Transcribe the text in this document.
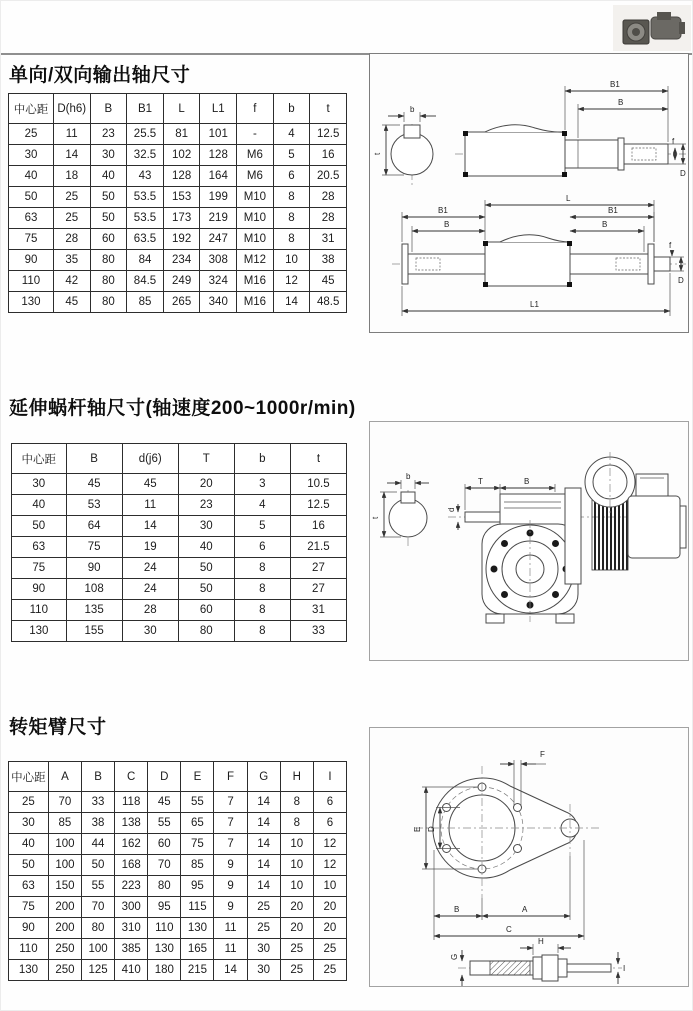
单向/双向输出轴尺寸
中心距	D(h6)	B	B1	L	L1	f	b	t
25	11	23	25.5	81	101	-	4	12.5
30	14	30	32.5	102	128	M6	5	16
40	18	40	43	128	164	M6	6	20.5
50	25	50	53.5	153	199	M10	8	28
63	25	50	53.5	173	219	M10	8	28
75	28	60	63.5	192	247	M10	8	31
90	35	80	84	234	308	M12	10	38
110	42	80	84.5	249	324	M16	12	45
130	45	80	85	265	340	M16	14	48.5
b
t
B1
B
f
D
L
B1
B
B1
B
f
D
L1
延伸蜗杆轴尺寸(轴速度200~1000r/min)
中心距	B	d(j6)	T	b	t
30	45	45	20	3	10.5
40	53	11	23	4	12.5
50	64	14	30	5	16
63	75	19	40	6	21.5
75	90	24	50	8	27
90	108	24	50	8	27
110	135	28	60	8	31
130	155	30	80	8	33
b
t
d
T	B
转矩臂尺寸
中心距	A	B	C	D	E	F	G	H	I
25	70	33	118	45	55	7	14	8	6
30	85	38	138	55	65	7	14	8	6
40	100	44	162	60	75	7	14	10	12
50	100	50	168	70	85	9	14	10	12
63	150	55	223	80	95	9	14	10	10
75	200	70	300	95	115	9	25	20	20
90	200	80	310	110	130	11	25	20	20
110	250	100	385	130	165	11	30	25	25
130	250	125	410	180	215	14	30	25	25
F
E D
B	A
C
G
H
I
